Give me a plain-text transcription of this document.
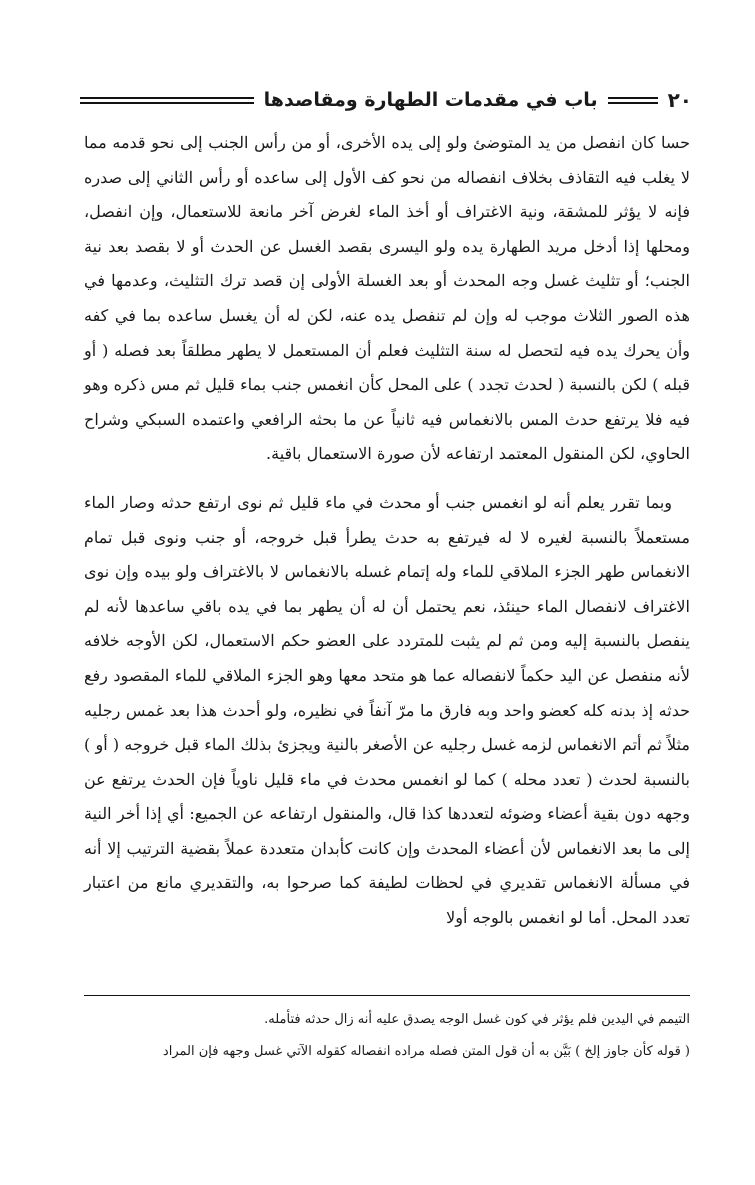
٢٠
باب في مقدمات الطهارة ومقاصدها

حسا كان انفصل من يد المتوضئ ولو إلى يده الأخرى، أو من رأس الجنب إلى نحو قدمه مما لا يغلب فيه التقاذف بخلاف انفصاله من نحو كف الأول إلى ساعده أو رأس الثاني إلى صدره فإنه لا يؤثر للمشقة، ونية الاغتراف أو أخذ الماء لغرض آخر مانعة للاستعمال، وإن انفصل، ومحلها إذا أدخل مريد الطهارة يده ولو اليسرى بقصد الغسل عن الحدث أو لا بقصد بعد نية الجنب؛ أو تثليث غسل وجه المحدث أو بعد الغسلة الأولى إن قصد ترك التثليث، وعدمها في هذه الصور الثلاث موجب له وإن لم تنفصل يده عنه، لكن له أن يغسل ساعده بما في كفه وأن يحرك يده فيه لتحصل له سنة التثليث فعلم أن المستعمل لا يطهر مطلقاً بعد فصله ( أو قبله ) لكن بالنسبة ( لحدث تجدد ) على المحل كأن انغمس جنب بماء قليل ثم مس ذكره وهو فيه فلا يرتفع حدث المس بالانغماس فيه ثانياً عن ما بحثه الرافعي واعتمده السبكي وشراح الحاوي، لكن المنقول المعتمد ارتفاعه لأن صورة الاستعمال باقية.

وبما تقرر يعلم أنه لو انغمس جنب أو محدث في ماء قليل ثم نوى ارتفع حدثه وصار الماء مستعملاً بالنسبة لغيره لا له فيرتفع به حدث يطرأ قبل خروجه، أو جنب ونوى قبل تمام الانغماس طهر الجزء الملاقي للماء وله إتمام غسله بالانغماس لا بالاغتراف ولو بيده وإن نوى الاغتراف لانفصال الماء حينئذ، نعم يحتمل أن له أن يطهر بما في يده باقي ساعدها لأنه لم ينفصل بالنسبة إليه ومن ثم لم يثبت للمتردد على العضو حكم الاستعمال، لكن الأوجه خلافه لأنه منفصل عن اليد حكماً لانفصاله عما هو متحد معها وهو الجزء الملاقي للماء المقصود رفع حدثه إذ بدنه كله كعضو واحد وبه فارق ما مرّ آنفاً في نظيره، ولو أحدث هذا بعد غمس رجليه مثلاً ثم أتم الانغماس لزمه غسل رجليه عن الأصغر بالنية ويجزئ بذلك الماء قبل خروجه ( أو ) بالنسبة لحدث ( تعدد محله ) كما لو انغمس محدث في ماء قليل ناوياً فإن الحدث يرتفع عن وجهه دون بقية أعضاء وضوئه لتعددها كذا قال، والمنقول ارتفاعه عن الجميع: أي إذا أخر النية إلى ما بعد الانغماس لأن أعضاء المحدث وإن كانت كأبدان متعددة عملاً بقضية الترتيب إلا أنه في مسألة الانغماس تقديري في لحظات لطيفة كما صرحوا به، والتقديري مانع من اعتبار تعدد المحل. أما لو انغمس بالوجه أولا

التيمم في اليدين فلم يؤثر في كون غسل الوجه يصدق عليه أنه زال حدثه فتأمله.

( قوله كأن جاوز إلخ ) بَيَّن به أن قول المتن فصله مراده انفصاله كقوله الآتي غسل وجهه فإن المراد
